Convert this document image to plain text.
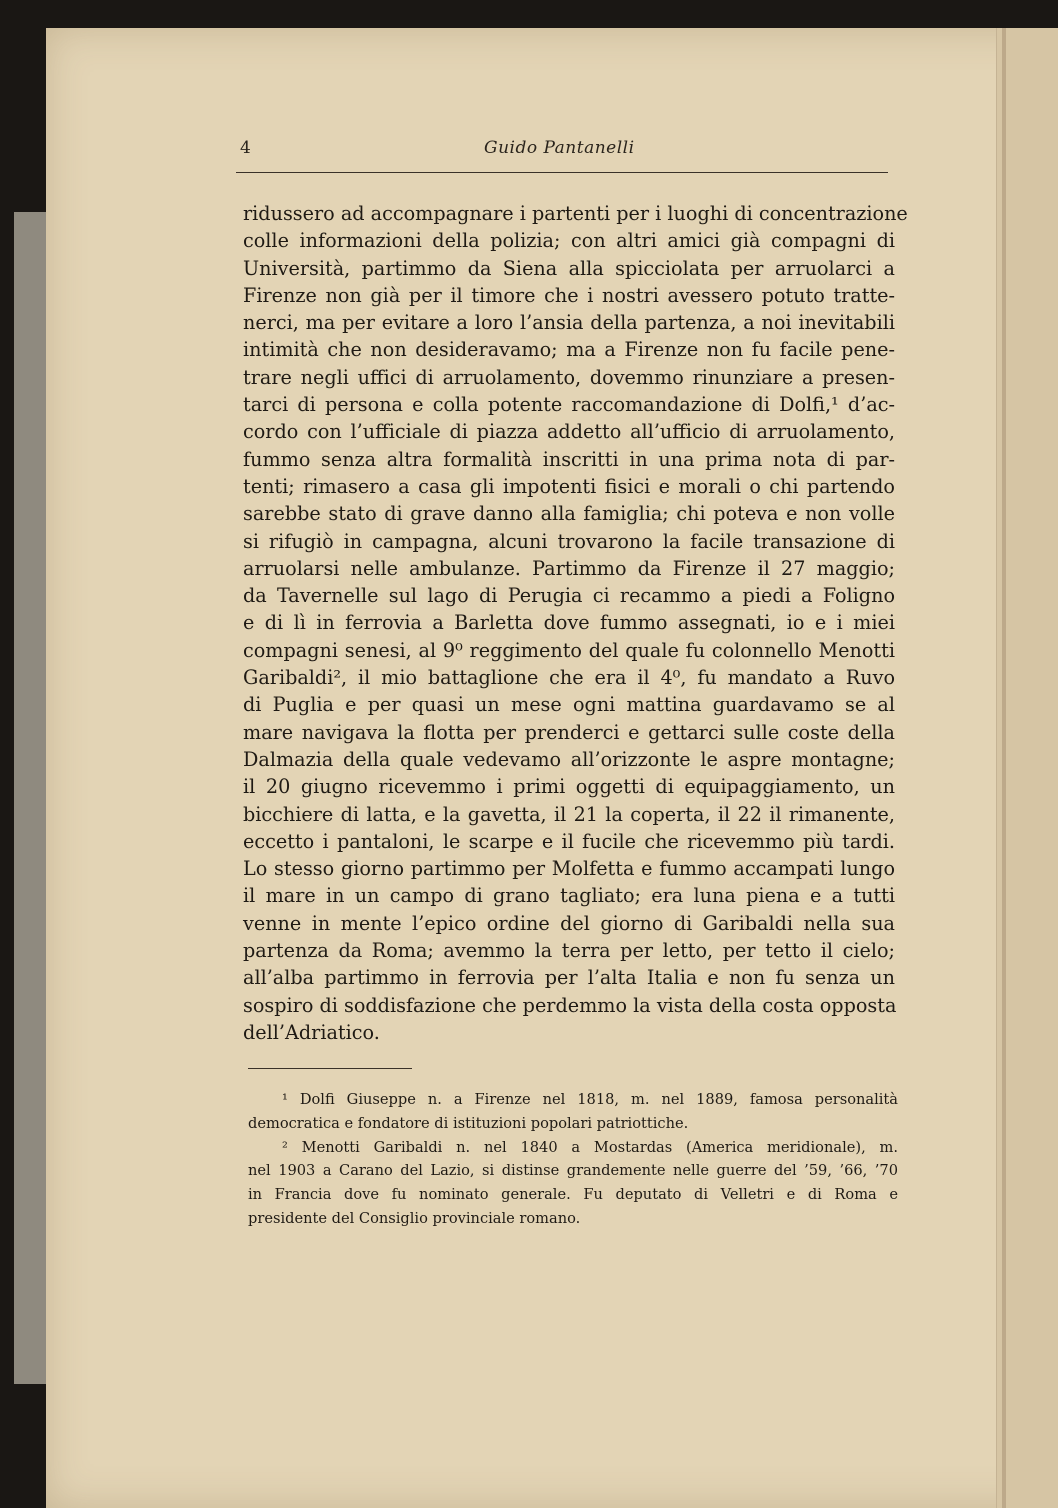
4	Guido Pantanelli
ridussero ad accompagnare i partenti per i luoghi di concentrazione
colle informazioni della polizia; con altri amici già compagni di
Università, partimmo da Siena alla spicciolata per arruolarci a
Firenze non già per il timore che i nostri avessero potuto tratte-
nerci, ma per evitare a loro l’ansia della partenza, a noi inevitabili
intimità che non desideravamo; ma a Firenze non fu facile pene-
trare negli uffici di arruolamento, dovemmo rinunziare a presen-
tarci di persona e colla potente raccomandazione di Dolfi,¹ d’ac-
cordo con l’ufficiale di piazza addetto all’ufficio di arruolamento,
fummo senza altra formalità inscritti in una prima nota di par-
tenti; rimasero a casa gli impotenti fisici e morali o chi partendo
sarebbe stato di grave danno alla famiglia; chi poteva e non volle
si rifugiò in campagna, alcuni trovarono la facile transazione di
arruolarsi nelle ambulanze. Partimmo da Firenze il 27 maggio;
da Tavernelle sul lago di Perugia ci recammo a piedi a Foligno
e di lì in ferrovia a Barletta dove fummo assegnati, io e i miei
compagni senesi, al 9⁰ reggimento del quale fu colonnello Menotti
Garibaldi², il mio battaglione che era il 4⁰, fu mandato a Ruvo
di Puglia e per quasi un mese ogni mattina guardavamo se al
mare navigava la flotta per prenderci e gettarci sulle coste della
Dalmazia della quale vedevamo all’orizzonte le aspre montagne;
il 20 giugno ricevemmo i primi oggetti di equipaggiamento, un
bicchiere di latta, e la gavetta, il 21 la coperta, il 22 il rimanente,
eccetto i pantaloni, le scarpe e il fucile che ricevemmo più tardi.
Lo stesso giorno partimmo per Molfetta e fummo accampati lungo
il mare in un campo di grano tagliato; era luna piena e a tutti
venne in mente l’epico ordine del giorno di Garibaldi nella sua
partenza da Roma; avemmo la terra per letto, per tetto il cielo;
all’alba partimmo in ferrovia per l’alta Italia e non fu senza un
sospiro di soddisfazione che perdemmo la vista della costa opposta
dell’Adriatico.
¹ Dolfi Giuseppe n. a Firenze nel 1818, m. nel 1889, famosa personalità
democratica e fondatore di istituzioni popolari patriottiche.
² Menotti Garibaldi n. nel 1840 a Mostardas (America meridionale), m.
nel 1903 a Carano del Lazio, si distinse grandemente nelle guerre del ’59, ’66, ’70
in Francia dove fu nominato generale. Fu deputato di Velletri e di Roma e
presidente del Consiglio provinciale romano.
